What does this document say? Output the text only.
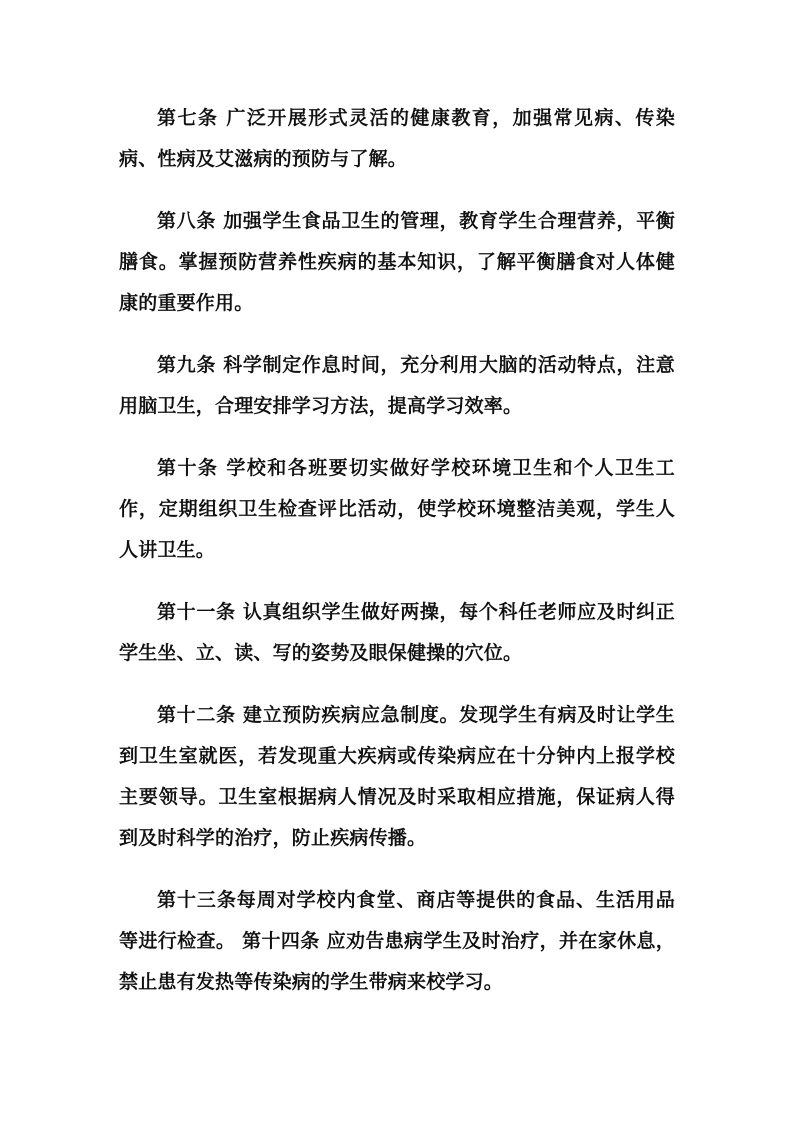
第七条 广泛开展形式灵活的健康教育，加强常见病、传染病、性病及艾滋病的预防与了解。

第八条 加强学生食品卫生的管理，教育学生合理营养，平衡膳食。掌握预防营养性疾病的基本知识，了解平衡膳食对人体健康的重要作用。

第九条 科学制定作息时间，充分利用大脑的活动特点，注意用脑卫生，合理安排学习方法，提高学习效率。

第十条 学校和各班要切实做好学校环境卫生和个人卫生工作，定期组织卫生检查评比活动，使学校环境整洁美观，学生人人讲卫生。

第十一条 认真组织学生做好两操，每个科任老师应及时纠正学生坐、立、读、写的姿势及眼保健操的穴位。

第十二条 建立预防疾病应急制度。发现学生有病及时让学生到卫生室就医，若发现重大疾病或传染病应在十分钟内上报学校主要领导。卫生室根据病人情况及时采取相应措施，保证病人得到及时科学的治疗，防止疾病传播。

第十三条每周对学校内食堂、商店等提供的食品、生活用品等进行检查。 第十四条 应劝告患病学生及时治疗，并在家休息，禁止患有发热等传染病的学生带病来校学习。
